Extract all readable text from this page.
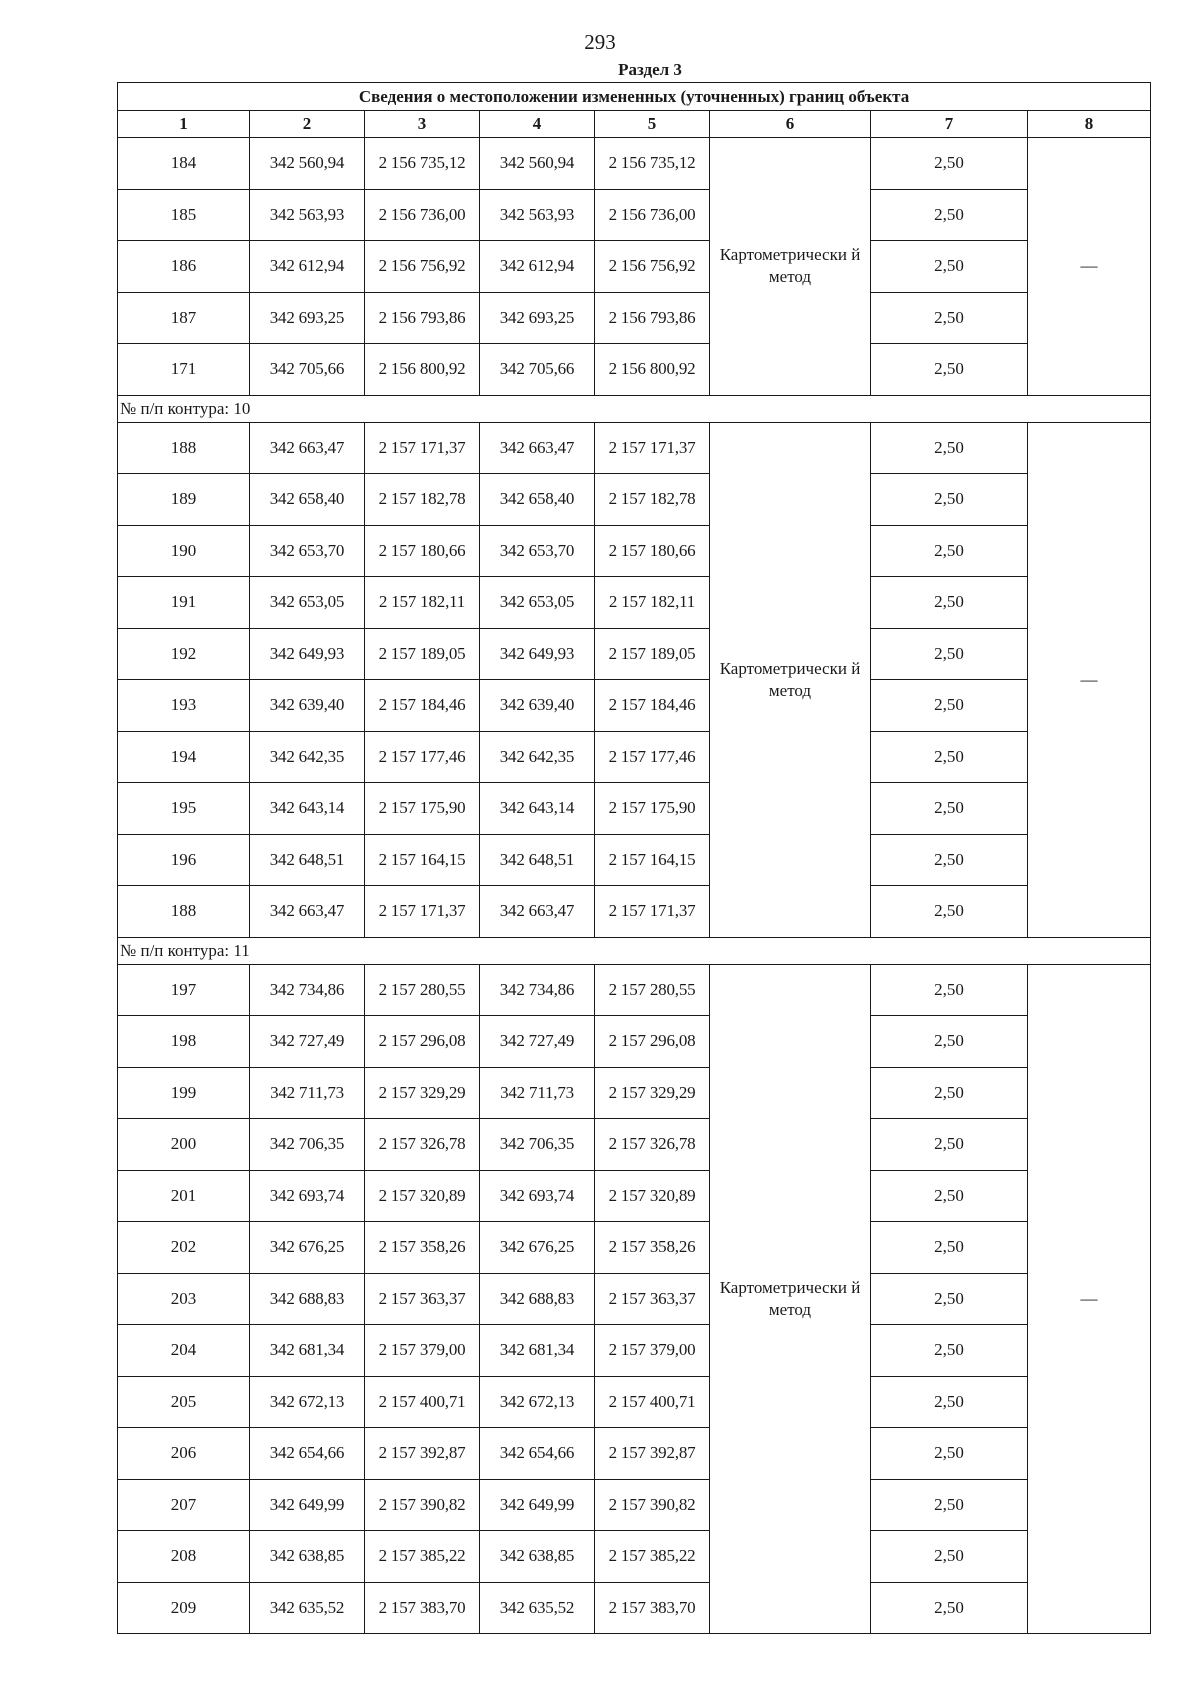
293
Раздел 3
Сведения о местоположении измененных (уточненных) границ объекта							
1	2	3	4	5	6	7	8
184	342 560,94	2 156 735,12	342 560,94	2 156 735,12	Картометрически й метод	2,50	—
185	342 563,93	2 156 736,00	342 563,93	2 156 736,00		2,50	
186	342 612,94	2 156 756,92	342 612,94	2 156 756,92		2,50	
187	342 693,25	2 156 793,86	342 693,25	2 156 793,86		2,50	
171	342 705,66	2 156 800,92	342 705,66	2 156 800,92		2,50	
№ п/п контура: 10							
188	342 663,47	2 157 171,37	342 663,47	2 157 171,37	Картометрически й метод	2,50	—
189	342 658,40	2 157 182,78	342 658,40	2 157 182,78		2,50	
190	342 653,70	2 157 180,66	342 653,70	2 157 180,66		2,50	
191	342 653,05	2 157 182,11	342 653,05	2 157 182,11		2,50	
192	342 649,93	2 157 189,05	342 649,93	2 157 189,05		2,50	
193	342 639,40	2 157 184,46	342 639,40	2 157 184,46		2,50	
194	342 642,35	2 157 177,46	342 642,35	2 157 177,46		2,50	
195	342 643,14	2 157 175,90	342 643,14	2 157 175,90		2,50	
196	342 648,51	2 157 164,15	342 648,51	2 157 164,15		2,50	
188	342 663,47	2 157 171,37	342 663,47	2 157 171,37		2,50	
№ п/п контура: 11							
197	342 734,86	2 157 280,55	342 734,86	2 157 280,55	Картометрически й метод	2,50	—
198	342 727,49	2 157 296,08	342 727,49	2 157 296,08		2,50	
199	342 711,73	2 157 329,29	342 711,73	2 157 329,29		2,50	
200	342 706,35	2 157 326,78	342 706,35	2 157 326,78		2,50	
201	342 693,74	2 157 320,89	342 693,74	2 157 320,89		2,50	
202	342 676,25	2 157 358,26	342 676,25	2 157 358,26		2,50	
203	342 688,83	2 157 363,37	342 688,83	2 157 363,37		2,50	
204	342 681,34	2 157 379,00	342 681,34	2 157 379,00		2,50	
205	342 672,13	2 157 400,71	342 672,13	2 157 400,71		2,50	
206	342 654,66	2 157 392,87	342 654,66	2 157 392,87		2,50	
207	342 649,99	2 157 390,82	342 649,99	2 157 390,82		2,50	
208	342 638,85	2 157 385,22	342 638,85	2 157 385,22		2,50	
209	342 635,52	2 157 383,70	342 635,52	2 157 383,70		2,50	
